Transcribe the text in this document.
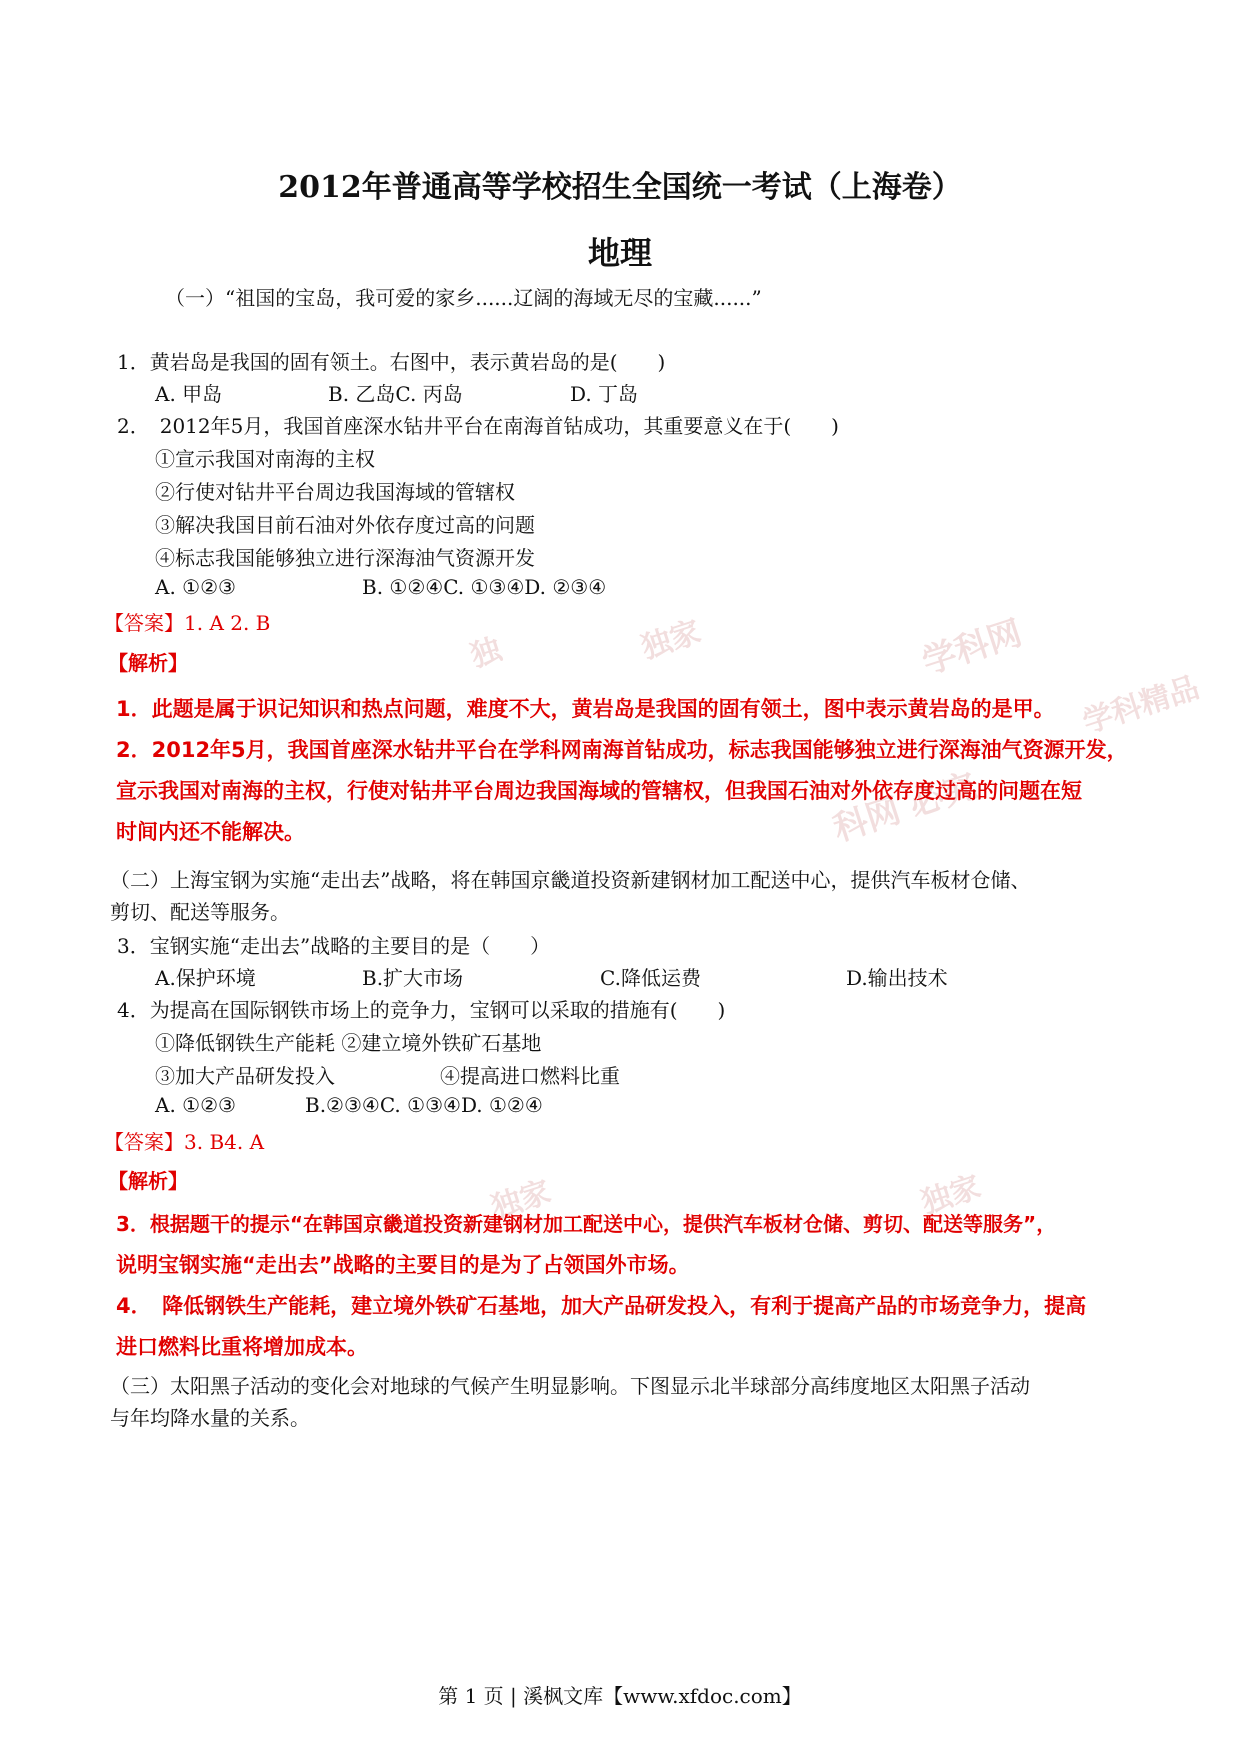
独	独家	学科网
学科精品
科网 必究
独家	独家
2012年普通高等学校招生全国统一考试（上海卷）
地理
（一）“祖国的宝岛，我可爱的家乡......辽阔的海域无尽的宝藏......”
1．黄岩岛是我国的固有领土。右图中，表示黄岩岛的是(　　)
A. 甲岛	B. 乙岛C. 丙岛	D. 丁岛
2．　2012年5月，我国首座深水钻井平台在南海首钻成功，其重要意义在于(　　)
①宣示我国对南海的主权
②行使对钻井平台周边我国海域的管辖权
③解决我国目前石油对外依存度过高的问题
④标志我国能够独立进行深海油气资源开发
A. ①②③	B. ①②④C. ①③④D. ②③④
【答案】1. A 2. B
【解析】
1．此题是属于识记知识和热点问题，难度不大，黄岩岛是我国的固有领土，图中表示黄岩岛的是甲。
2．2012年5月，我国首座深水钻井平台在学科网南海首钻成功，标志我国能够独立进行深海油气资源开发，
宣示我国对南海的主权，行使对钻井平台周边我国海域的管辖权，但我国石油对外依存度过高的问题在短
时间内还不能解决。
（二）上海宝钢为实施“走出去”战略，将在韩国京畿道投资新建钢材加工配送中心，提供汽车板材仓储、
剪切、配送等服务。
3．宝钢实施“走出去”战略的主要目的是（　　）
A.保护环境	B.扩大市场	C.降低运费	D.输出技术
4．为提高在国际钢铁市场上的竞争力，宝钢可以采取的措施有(　　)
①降低钢铁生产能耗 ②建立境外铁矿石基地
③加大产品研发投入	④提高进口燃料比重
A. ①②③	B.②③④C. ①③④D. ①②④
【答案】3. B4. A
【解析】
3．根据题干的提示“在韩国京畿道投资新建钢材加工配送中心，提供汽车板材仓储、剪切、配送等服务”，
说明宝钢实施“走出去”战略的主要目的是为了占领国外市场。
4．　降低钢铁生产能耗，建立境外铁矿石基地，加大产品研发投入，有利于提高产品的市场竞争力，提高
进口燃料比重将增加成本。
（三）太阳黑子活动的变化会对地球的气候产生明显影响。下图显示北半球部分高纬度地区太阳黑子活动
与年均降水量的关系。
第 1 页 | 溪枫文库【www.xfdoc.com】
